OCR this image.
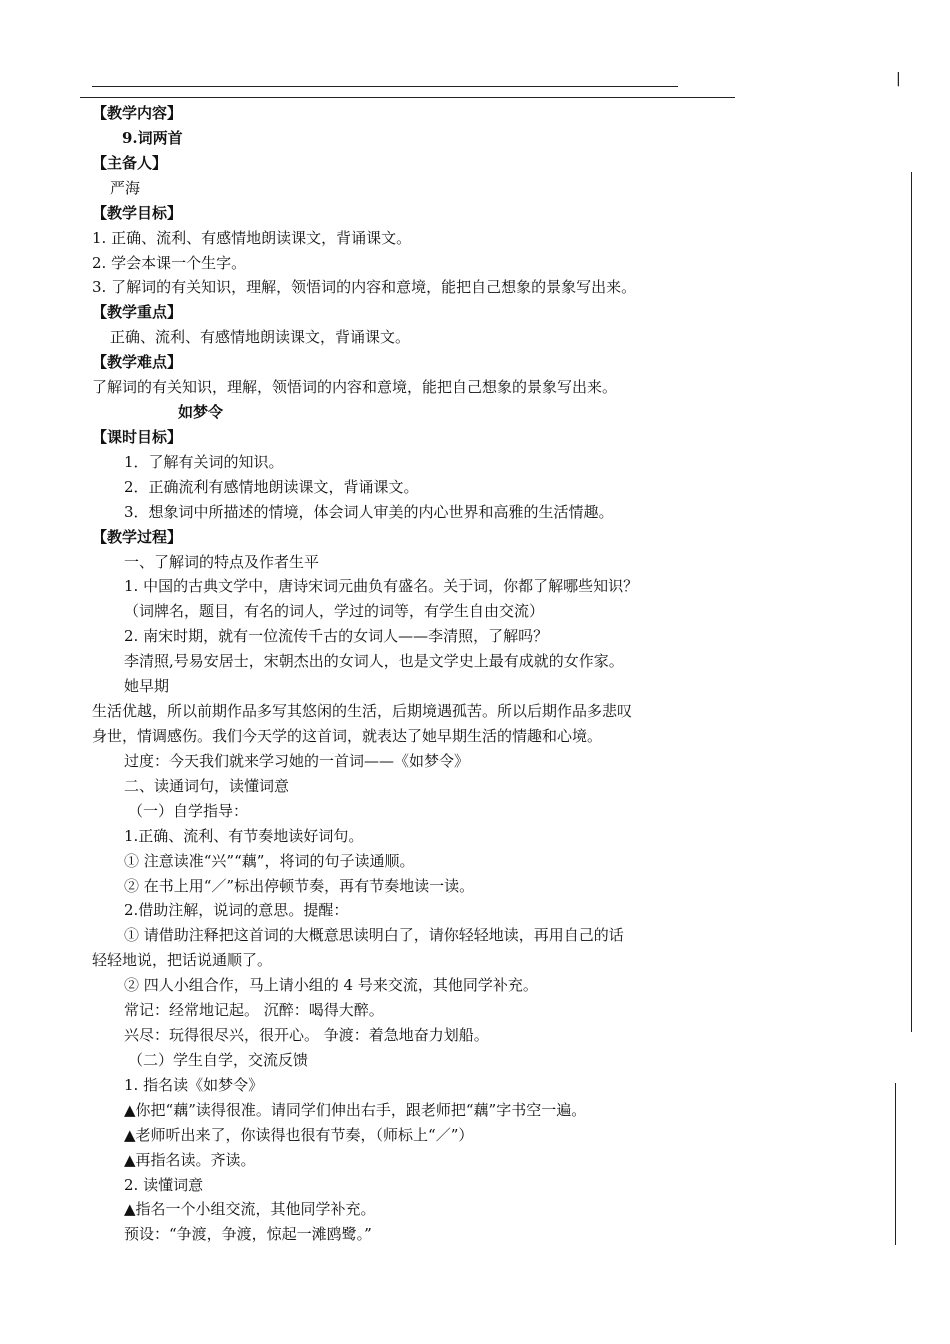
|
【教学内容】
9.词两首
【主备人】
严海
【教学目标】
1. 正确、流利、有感情地朗读课文，背诵课文。
2. 学会本课一个生字。
3. 了解词的有关知识，理解，领悟词的内容和意境，能把自己想象的景象写出来。
【教学重点】
正确、流利、有感情地朗读课文，背诵课文。
【教学难点】
了解词的有关知识，理解，领悟词的内容和意境，能把自己想象的景象写出来。
如梦令
【课时目标】
1．了解有关词的知识。
2．正确流利有感情地朗读课文，背诵课文。
3．想象词中所描述的情境，体会词人审美的内心世界和高雅的生活情趣。
【教学过程】
一、了解词的特点及作者生平
1. 中国的古典文学中，唐诗宋词元曲负有盛名。关于词，你都了解哪些知识？
（词牌名，题目，有名的词人，学过的词等，有学生自由交流）
2. 南宋时期，就有一位流传千古的女词人——李清照，了解吗？
李清照,号易安居士，宋朝杰出的女词人，也是文学史上最有成就的女作家。
她早期
生活优越，所以前期作品多写其悠闲的生活，后期境遇孤苦。所以后期作品多悲叹
身世，情调感伤。我们今天学的这首词，就表达了她早期生活的情趣和心境。
过度：今天我们就来学习她的一首词——《如梦令》
二、读通词句，读懂词意
（一）自学指导：
1.正确、流利、有节奏地读好词句。
① 注意读准“兴”“藕”，将词的句子读通顺。
② 在书上用“／”标出停顿节奏，再有节奏地读一读。
2.借助注解，说词的意思。提醒：
① 请借助注释把这首词的大概意思读明白了，请你轻轻地读，再用自己的话
轻轻地说，把话说通顺了。
② 四人小组合作，马上请小组的 4 号来交流，其他同学补充。
常记：经常地记起。 沉醉：喝得大醉。
兴尽：玩得很尽兴，很开心。 争渡：着急地奋力划船。
（二）学生自学，交流反馈
1. 指名读《如梦令》
▲你把“藕”读得很准。请同学们伸出右手，跟老师把“藕”字书空一遍。
▲老师听出来了，你读得也很有节奏，（师标上“／”）
▲再指名读。齐读。
2. 读懂词意
▲指名一个小组交流，其他同学补充。
预设：“争渡，争渡，惊起一滩鸥鹭。”
